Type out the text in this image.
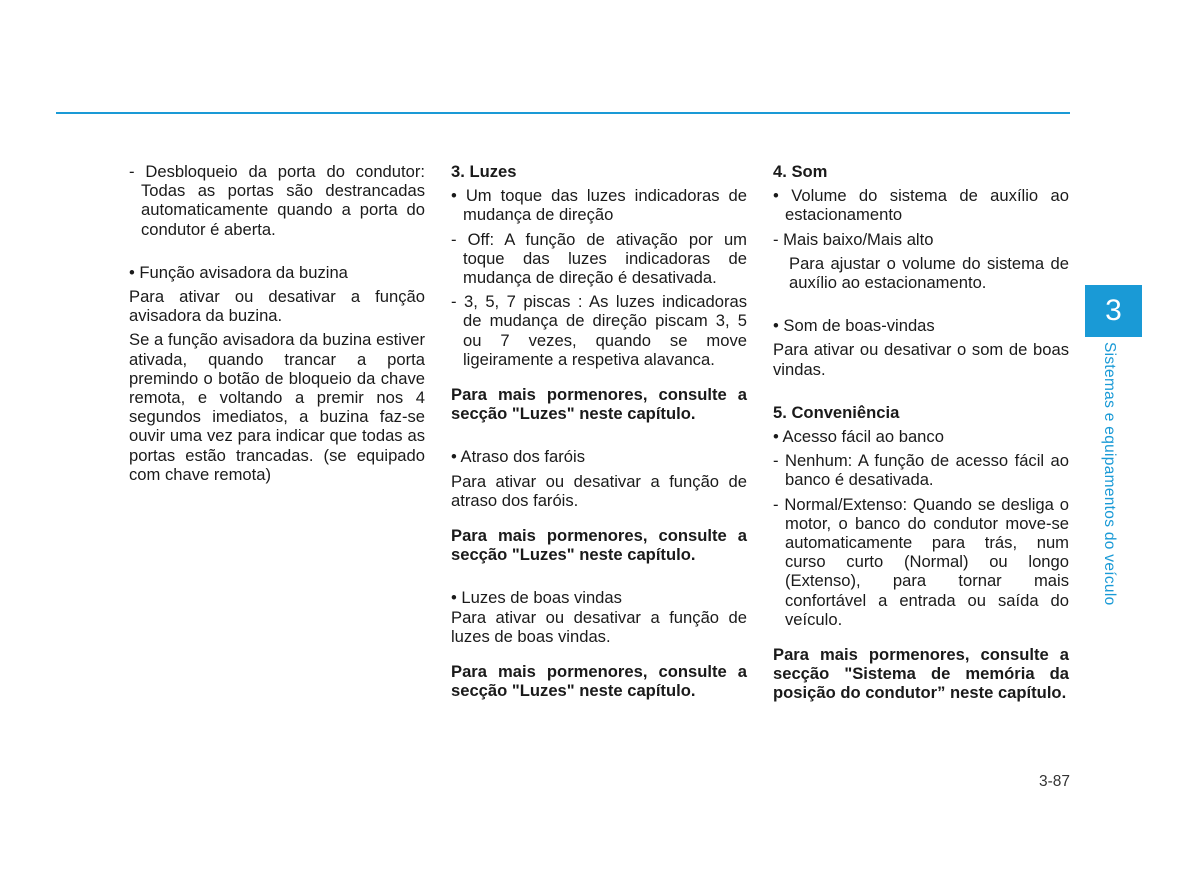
- Desbloqueio da porta do condutor: Todas as portas são destrancadas automaticamente quando a porta do condutor é aberta.
• Função avisadora da buzina
Para ativar ou desativar a função avisadora da buzina.
Se a função avisadora da buzina estiver ativada, quando trancar a porta premindo o botão de bloqueio da chave remota, e voltando a premir nos 4 segundos imediatos, a buzina faz-se ouvir uma vez para indicar que todas as portas estão trancadas. (se equipado com chave remota)
3. Luzes
• Um toque das luzes indicadoras de mudança de direção
- Off: A função de ativação por um toque das luzes indicadoras de mudança de direção é desativada.
- 3, 5, 7 piscas : As luzes indicadoras de mudança de direção piscam 3, 5 ou 7 vezes, quando se move ligeiramente a respetiva alavanca.
Para mais pormenores, consulte a secção "Luzes" neste capítulo.
• Atraso dos faróis
Para ativar ou desativar a função de atraso dos faróis.
Para mais pormenores, consulte a secção "Luzes" neste capítulo.
• Luzes de boas vindas
Para ativar ou desativar a função de luzes de boas vindas.
Para mais pormenores, consulte a secção "Luzes" neste capítulo.
4. Som
• Volume do sistema de auxílio ao estacionamento
- Mais baixo/Mais alto
Para ajustar o volume do sistema de auxílio ao estacionamento.
• Som de boas-vindas
Para ativar ou desativar o som de boas vindas.
5. Conveniência
• Acesso fácil ao banco
- Nenhum: A função de acesso fácil ao banco é desativada.
- Normal/Extenso: Quando se desliga o motor, o banco do condutor move-se automaticamente para trás, num curso curto (Normal) ou longo (Extenso), para tornar mais confortável a entrada ou saída do veículo.
Para mais pormenores, consulte a secção "Sistema de memória da posição do condutor” neste capítulo.
3
Sistemas e equipamentos do veículo
3-87
